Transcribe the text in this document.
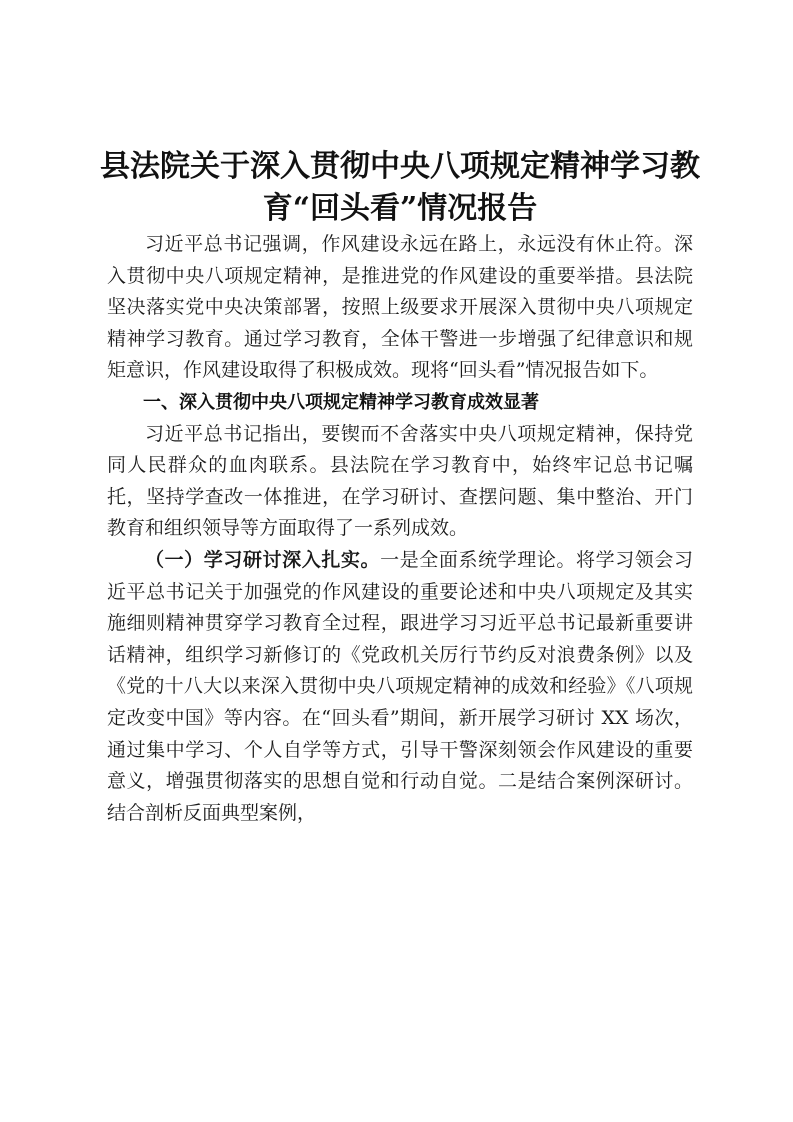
县法院关于深入贯彻中央八项规定精神学习教
育“回头看”情况报告

习近平总书记强调，作风建设永远在路上，永远没有休止符。深入贯彻中央八项规定精神，是推进党的作风建设的重要举措。县法院坚决落实党中央决策部署，按照上级要求开展深入贯彻中央八项规定精神学习教育。通过学习教育，全体干警进一步增强了纪律意识和规矩意识，作风建设取得了积极成效。现将“回头看”情况报告如下。

一、深入贯彻中央八项规定精神学习教育成效显著

习近平总书记指出，要锲而不舍落实中央八项规定精神，保持党同人民群众的血肉联系。县法院在学习教育中，始终牢记总书记嘱托，坚持学查改一体推进，在学习研讨、查摆问题、集中整治、开门教育和组织领导等方面取得了一系列成效。

（一）学习研讨深入扎实。一是全面系统学理论。将学习领会习近平总书记关于加强党的作风建设的重要论述和中央八项规定及其实施细则精神贯穿学习教育全过程，跟进学习习近平总书记最新重要讲话精神，组织学习新修订的《党政机关厉行节约反对浪费条例》以及《党的十八大以来深入贯彻中央八项规定精神的成效和经验》《八项规定改变中国》等内容。在“回头看”期间，新开展学习研讨 XX 场次，通过集中学习、个人自学等方式，引导干警深刻领会作风建设的重要意义，增强贯彻落实的思想自觉和行动自觉。二是结合案例深研讨。结合剖析反面典型案例，
